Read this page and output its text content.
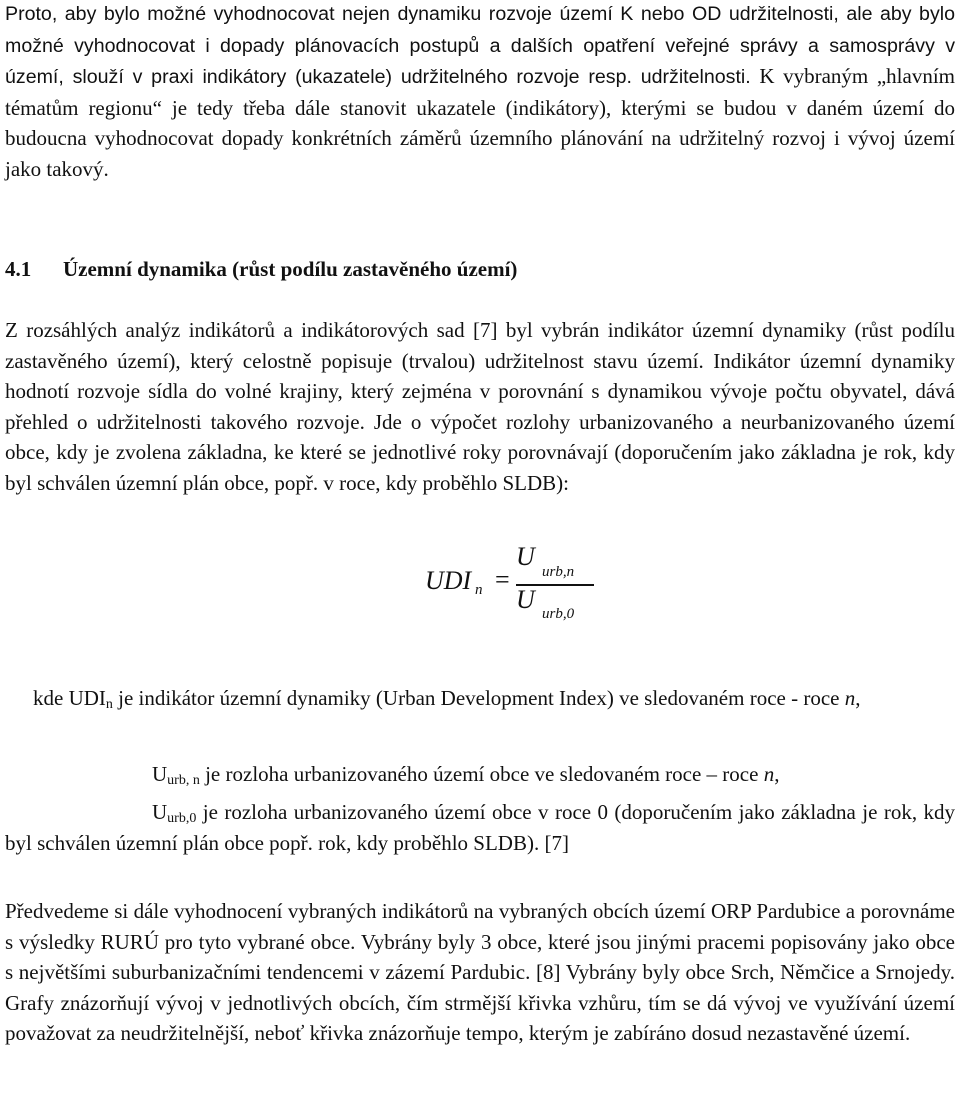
Proto, aby bylo možné vyhodnocovat nejen dynamiku rozvoje území K nebo OD udržitelnosti, ale aby bylo možné vyhodnocovat i dopady plánovacích postupů a dalších opatření veřejné správy a samosprávy v území, slouží v praxi indikátory (ukazatele) udržitelného rozvoje resp. udržitelnosti. K vybraným „hlavním tématům regionu“ je tedy třeba dále stanovit ukazatele (indikátory), kterými se budou v daném území do budoucna vyhodnocovat dopady konkrétních záměrů územního plánování na udržitelný rozvoj i vývoj území jako takový.

4.1 Územní dynamika (růst podílu zastavěného území)

Z rozsáhlých analýz indikátorů a indikátorových sad [7] byl vybrán indikátor územní dynamiky (růst podílu zastavěného území), který celostně popisuje (trvalou) udržitelnost stavu území. Indikátor územní dynamiky hodnotí rozvoje sídla do volné krajiny, který zejména v porovnání s dynamikou vývoje počtu obyvatel, dává přehled o udržitelnosti takového rozvoje. Jde o výpočet rozlohy urbanizovaného a neurbanizovaného území obce, kdy je zvolena základna, ke které se jednotlivé roky porovnávají (doporučením jako základna je rok, kdy byl schválen územní plán obce, popř. v roce, kdy proběhlo SLDB):

UDI n =
U
urb,n
U urb,0

kde $UDI_n$ je indikátor územní dynamiky (Urban Development Index) ve sledovaném roce - roce n,

$U_{urb, n}$ je rozloha urbanizovaného území obce ve sledovaném roce – roce n,

$U_{urb,0}$ je rozloha urbanizovaného území obce v roce 0 (doporučením jako základna je rok, kdy byl schválen územní plán obce popř. rok, kdy proběhlo SLDB). [7]

Předvedeme si dále vyhodnocení vybraných indikátorů na vybraných obcích území ORP Pardubice a porovnáme s výsledky RURÚ pro tyto vybrané obce. Vybrány byly 3 obce, které jsou jinými pracemi popisovány jako obce s největšími suburbanizačními tendencemi v zázemí Pardubic. [8] Vybrány byly obce Srch, Němčice a Srnojedy. Grafy znázorňují vývoj v jednotlivých obcích, čím strmější křivka vzhůru, tím se dá vývoj ve využívání území považovat za neudržitelnější, neboť křivka znázorňuje tempo, kterým je zabíráno dosud nezastavěné území.
